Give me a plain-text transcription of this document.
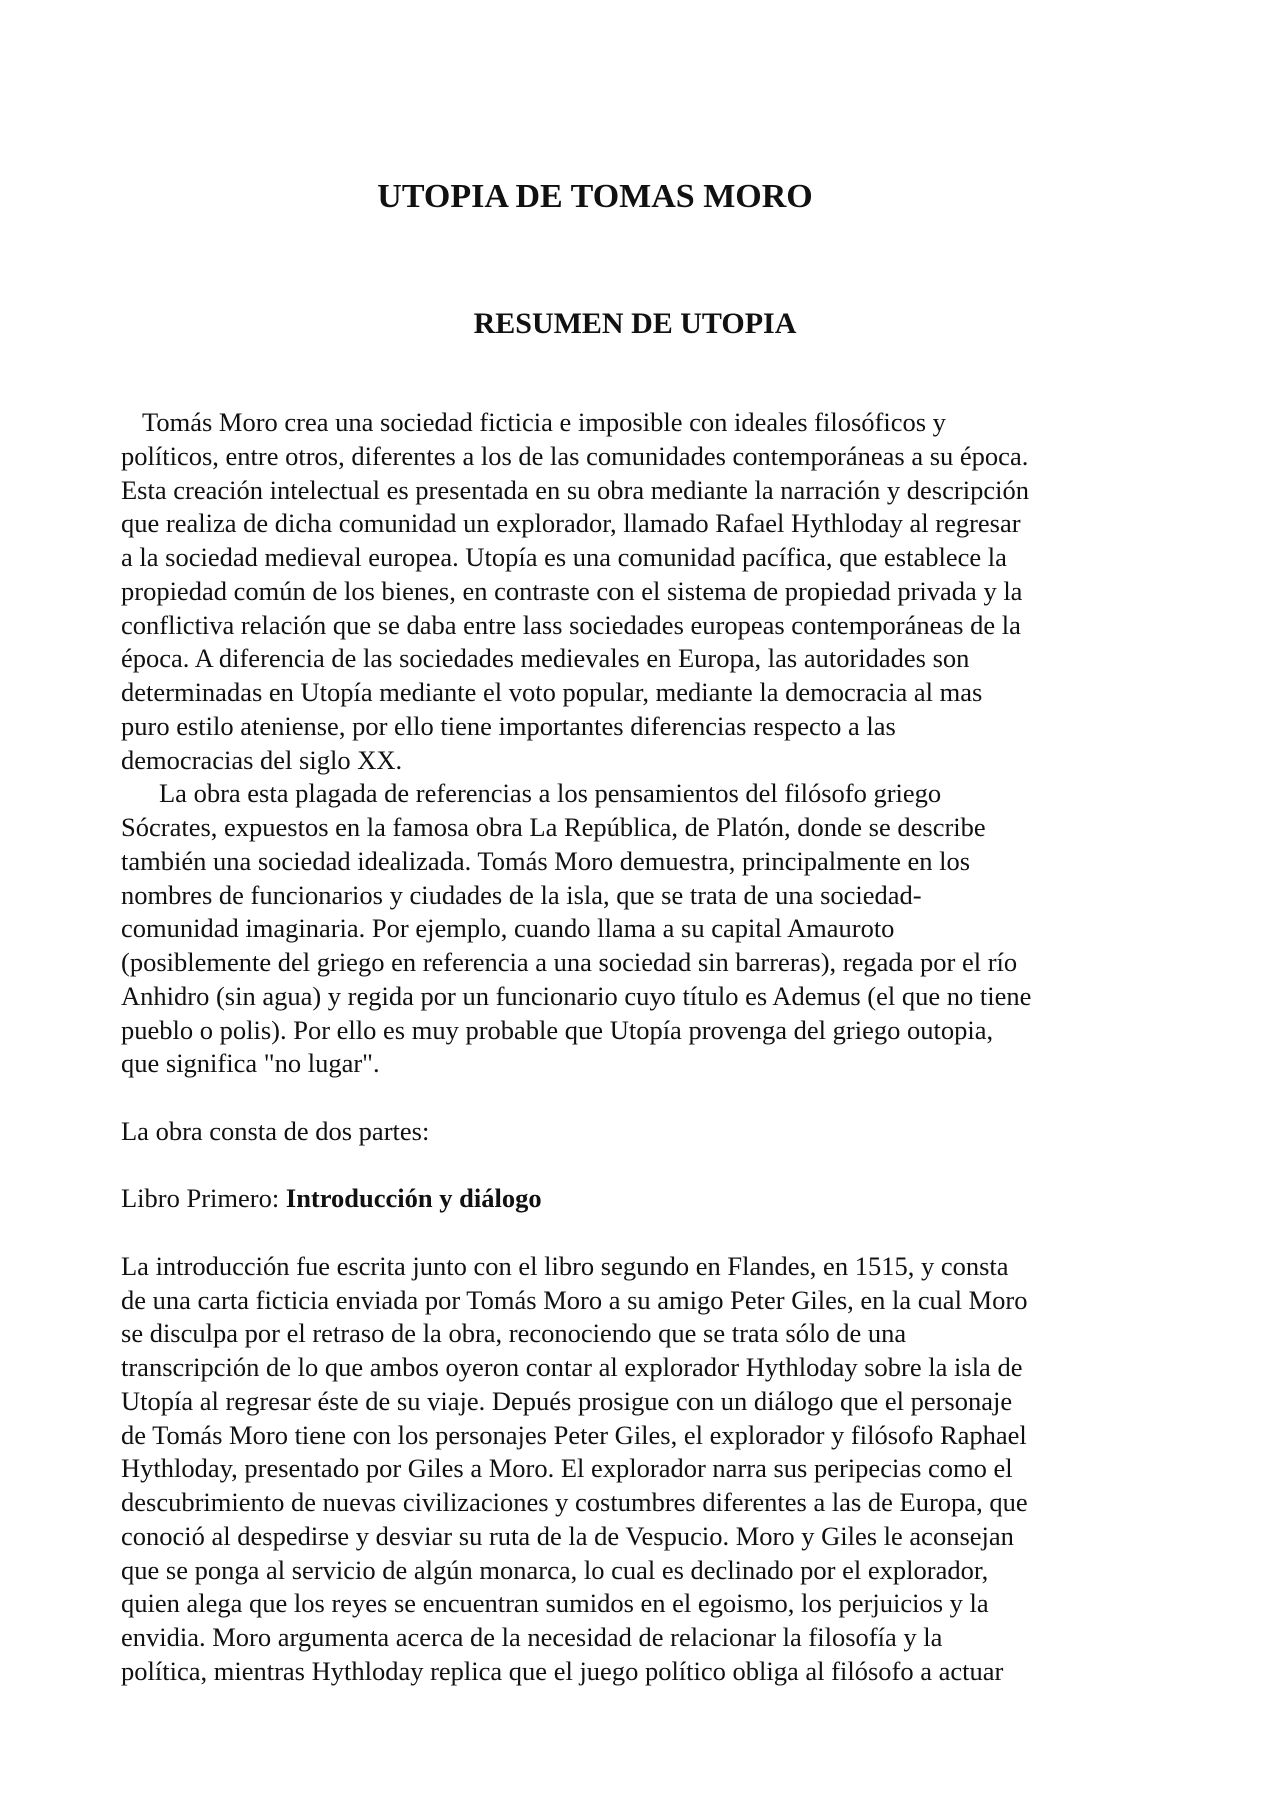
UTOPIA DE TOMAS MORO
RESUMEN DE UTOPIA
Tomás Moro crea una sociedad ficticia e imposible con ideales filosóficos y
políticos, entre otros, diferentes a los de las comunidades contemporáneas a su época.
Esta creación intelectual es presentada en su obra mediante la narración y descripción
que realiza de dicha comunidad un explorador, llamado Rafael Hythloday al regresar
a la sociedad medieval europea. Utopía es una comunidad pacífica, que establece la
propiedad común de los bienes, en contraste con el sistema de propiedad privada y la
conflictiva relación que se daba entre lass sociedades europeas contemporáneas de la
época. A diferencia de las sociedades medievales en Europa, las autoridades son
determinadas en Utopía mediante el voto popular, mediante la democracia al mas
puro estilo ateniense, por ello tiene importantes diferencias respecto a las
democracias del siglo XX.
La obra esta plagada de referencias a los pensamientos del filósofo griego
Sócrates, expuestos en la famosa obra La República, de Platón, donde se describe
también una sociedad idealizada. Tomás Moro demuestra, principalmente en los
nombres de funcionarios y ciudades de la isla, que se trata de una sociedad-
comunidad imaginaria. Por ejemplo, cuando llama a su capital Amauroto
(posiblemente del griego en referencia a una sociedad sin barreras), regada por el río
Anhidro (sin agua) y regida por un funcionario cuyo título es Ademus (el que no tiene
pueblo o polis). Por ello es muy probable que Utopía provenga del griego outopia,
que significa "no lugar".
La obra consta de dos partes:
Libro Primero: Introducción y diálogo
La introducción fue escrita junto con el libro segundo en Flandes, en 1515, y consta
de una carta ficticia enviada por Tomás Moro a su amigo Peter Giles, en la cual Moro
se disculpa por el retraso de la obra, reconociendo que se trata sólo de una
transcripción de lo que ambos oyeron contar al explorador Hythloday sobre la isla de
Utopía al regresar éste de su viaje. Depués prosigue con un diálogo que el personaje
de Tomás Moro tiene con los personajes Peter Giles, el explorador y filósofo Raphael
Hythloday, presentado por Giles a Moro. El explorador narra sus peripecias como el
descubrimiento de nuevas civilizaciones y costumbres diferentes a las de Europa, que
conoció al despedirse y desviar su ruta de la de Vespucio. Moro y Giles le aconsejan
que se ponga al servicio de algún monarca, lo cual es declinado por el explorador,
quien alega que los reyes se encuentran sumidos en el egoismo, los perjuicios y la
envidia. Moro argumenta acerca de la necesidad de relacionar la filosofía y la
política, mientras Hythloday replica que el juego político obliga al filósofo a actuar
